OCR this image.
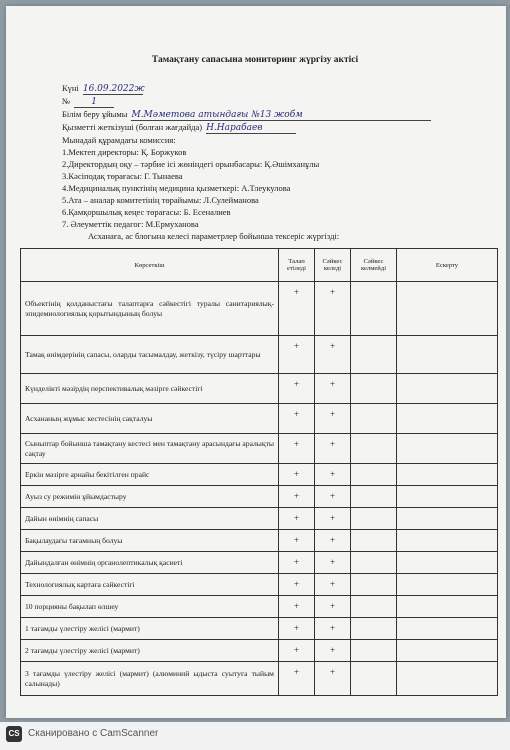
Тамақтану сапасына мониторинг жүргізу актісі
Күні 16.09.2022ж
№ 1
Білім беру ұйымы М.Мәметова атындағы №13 жобм
Қызметті жеткізуші (болған жағдайда) Н.Нарабаев
Мынадай құрамдағы комиссия:
1.Мектеп директоры: Қ. Боржуков
2.Директордың оқу – тәрбие ісі жөніндегі орынбасары: Қ.Әшімханұлы
3.Кәсіподақ төрағасы: Г. Тынаева
4.Медициналық пунктінің медицина қызметкері: А.Тлеукулова
5.Ата – аналар комитетінің төрайымы: Л.Сулейманова
6.Қамқоршылық кеңес төрағасы: Б. Есеналиев
7. Әлеуметтік педагог: М.Ермуханова
Асханаға, ас блогына келесі параметрлер бойынша тексеріс жүргізді:
Көрсеткіш	Талап етіледі	Сәйкес келеді	Сәйкес келмейді	Ескерту
Объектінің қолданыстағы талаптарға сәйкестігі туралы санитариялық-эпидемиологиялық қорытындының болуы	+	+		
Тамақ өнімдерінің сапасы, оларды тасымалдау, жеткізу, түсіру шарттары	+	+		
Күнделікті мәзірдің перспективалық мәзірге сәйкестігі	+	+		
Асхананың жұмыс кестесінің сақталуы	+	+		
Сыныптар бойынша тамақтану кестесі мен тамақтану арасындағы аралықты сақтау	+	+		
Еркін мәзірге арнайы бекітілген прайс	+	+		
Ауыз су режимін ұйымдастыру	+	+		
Дайын өнімнің сапасы	+	+		
Бақылаудағы тағамның болуы	+	+		
Дайындалған өнімнің органолептикалық қасиеті	+	+		
Технологиялық картаға сәйкестігі	+	+		
10 порцияны бақылап өлшеу	+	+		
1 тағамды үлестіру желісі (мармит)	+	+		
2 тағамды үлестіру желісі (мармит)	+	+		
3 тағамды үлестіру желісі (мармит) (алюминий ыдыста суытуға тыйым салынады)	+	+		
CS Сканировано с CamScanner
